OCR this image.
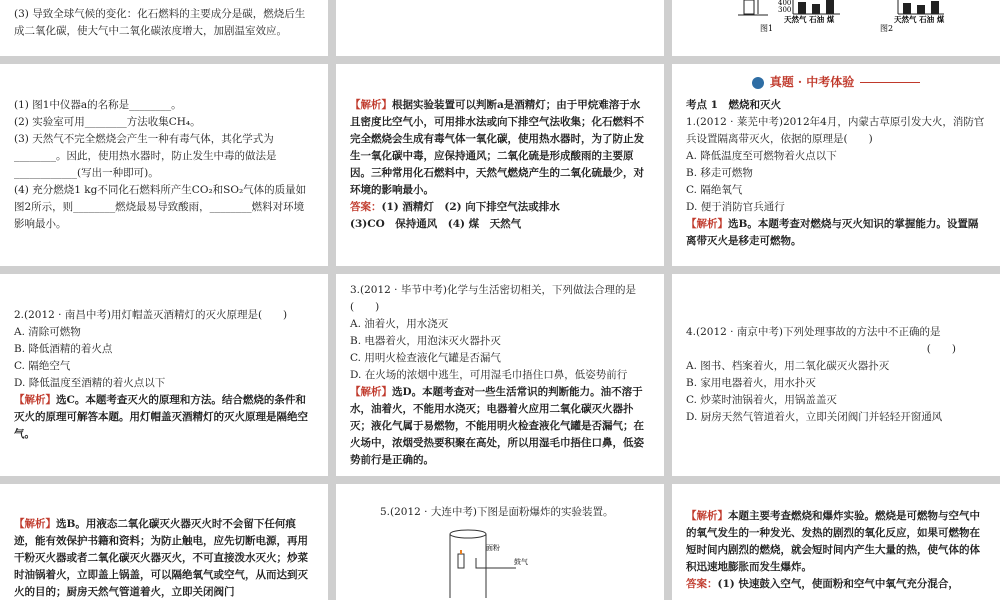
(3) 导致全球气候的变化：化石燃料的主要成分是碳，燃烧后生成二氧化碳，使大气中二氧化碳浓度增大，加剧温室效应。	图1
400
300
天然气 石油 煤	天然气 石油 煤
图2

(1) 图1中仪器a的名称是________。

(2) 实验室可用________方法收集CH₄。

(3) 天然气不完全燃烧会产生一种有毒气体，其化学式为________。因此，使用热水器时，防止发生中毒的做法是____________(写出一种即可)。

(4) 充分燃烧1 kg不同化石燃料所产生CO₂和SO₂气体的质量如图2所示，则________燃烧最易导致酸雨，________燃料对环境影响最小。

【解析】根据实验装置可以判断a是酒精灯；由于甲烷难溶于水且密度比空气小，可用排水法或向下排空气法收集；化石燃料不完全燃烧会生成有毒气体一氧化碳，使用热水器时，为了防止发生一氧化碳中毒，应保持通风；二氧化硫是形成酸雨的主要原因。三种常用化石燃料中，天然气燃烧产生的二氧化硫最少，对环境的影响最小。

答案：(1) 酒精灯　(2) 向下排空气法或排水

(3)CO　保持通风　(4) 煤　天然气

真题 · 中考体验

考点 1　燃烧和灭火

1.(2012 · 莱芜中考)2012年4月，内蒙古草原引发大火，消防官兵设置隔离带灭火，依据的原理是(　　)

A. 降低温度至可燃物着火点以下

B. 移走可燃物

C. 隔绝氧气

D. 便于消防官兵通行

【解析】选B。本题考查对燃烧与灭火知识的掌握能力。设置隔离带灭火是移走可燃物。

2.(2012 · 南昌中考)用灯帽盖灭酒精灯的灭火原理是(　　)

A. 清除可燃物

B. 降低酒精的着火点

C. 隔绝空气

D. 降低温度至酒精的着火点以下

【解析】选C。本题考查灭火的原理和方法。结合燃烧的条件和灭火的原理可解答本题。用灯帽盖灭酒精灯的灭火原理是隔绝空气。

3.(2012 · 毕节中考)化学与生活密切相关，下列做法合理的是(　　)

A. 油着火，用水浇灭

B. 电器着火，用泡沫灭火器扑灭

C. 用明火检查液化气罐是否漏气

D. 在火场的浓烟中逃生，可用湿毛巾捂住口鼻，低姿势前行

【解析】选D。本题考查对一些生活常识的判断能力。油不溶于水，油着火，不能用水浇灭；电器着火应用二氧化碳灭火器扑灭；液化气属于易燃物，不能用明火检查液化气罐是否漏气；在火场中，浓烟受热要积聚在高处，所以用湿毛巾捂住口鼻，低姿势前行是正确的。

4.(2012 · 南京中考)下列处理事故的方法中不正确的是

(　　)

A. 图书、档案着火，用二氧化碳灭火器扑灭

B. 家用电器着火，用水扑灭

C. 炒菜时油锅着火，用锅盖盖灭

D. 厨房天然气管道着火，立即关闭阀门并轻轻开窗通风

【解析】选B。用液态二氧化碳灭火器灭火时不会留下任何痕迹，能有效保护书籍和资料；为防止触电，应先切断电源，再用干粉灭火器或者二氧化碳灭火器灭火，不可直接泼水灭火；炒菜时油锅着火，立即盖上锅盖，可以隔绝氧气或空气，从而达到灭火的目的；厨房天然气管道着火，立即关闭阀门

5.(2012 · 大连中考)下图是面粉爆炸的实验装置。

面粉
鼓气

【解析】本题主要考查燃烧和爆炸实验。燃烧是可燃物与空气中的氧气发生的一种发光、发热的剧烈的氧化反应，如果可燃物在短时间内剧烈的燃烧，就会短时间内产生大量的热，使气体的体积迅速地膨胀而发生爆炸。

答案：(1) 快速鼓入空气，使面粉和空气中氧气充分混合，
